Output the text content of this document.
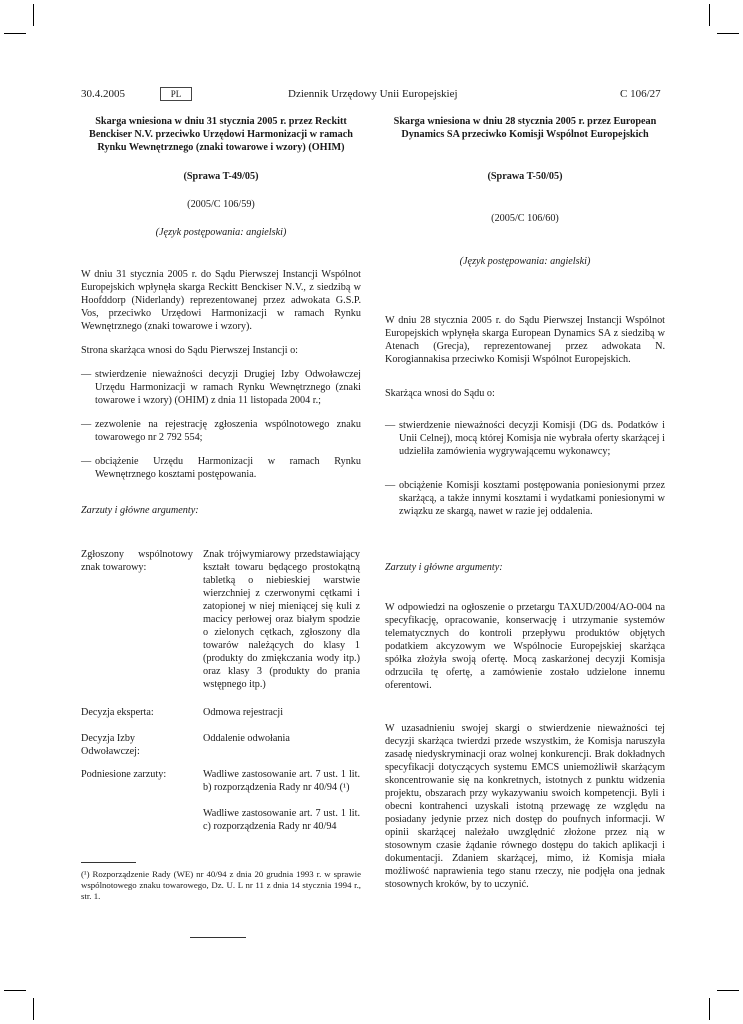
30.4.2005	PL	Dziennik Urzędowy Unii Europejskiej	C 106/27

Skarga wniesiona w dniu 31 stycznia 2005 r. przez Reckitt Benckiser N.V. przeciwko Urzędowi Harmonizacji w ramach Rynku Wewnętrznego (znaki towarowe i wzory) (OHIM)

(Sprawa T-49/05)

(2005/C 106/59)

(Język postępowania: angielski)

W dniu 31 stycznia 2005 r. do Sądu Pierwszej Instancji Wspólnot Europejskich wpłynęła skarga Reckitt Benckiser N.V., z siedzibą w Hoofddorp (Niderlandy) reprezentowanej przez adwokata G.S.P. Vos, przeciwko Urzędowi Harmonizacji w ramach Rynku Wewnętrznego (znaki towarowe i wzory).

Strona skarżąca wnosi do Sądu Pierwszej Instancji o:

— stwierdzenie nieważności decyzji Drugiej Izby Odwoławczej Urzędu Harmonizacji w ramach Rynku Wewnętrznego (znaki towarowe i wzory) (OHIM) z dnia 11 listopada 2004 r.;
— zezwolenie na rejestrację zgłoszenia wspólnotowego znaku towarowego nr 2 792 554;
— obciążenie Urzędu Harmonizacji w ramach Rynku Wewnętrznego kosztami postępowania.

Zarzuty i główne argumenty:

Zgłoszony wspólnotowy znak towarowy:
Znak trójwymiarowy przedstawiający kształt towaru będącego prostokątną tabletką o niebieskiej warstwie wierzchniej z czerwonymi cętkami i zatopionej w niej mieniącej się kuli z macicy perłowej oraz białym spodzie o zielonych cętkach, zgłoszony dla towarów należących do klasy 1 (produkty do zmiękczania wody itp.) oraz klasy 3 (produkty do prania wstępnego itp.)
Decyzja eksperta:	Odmowa rejestracji
Decyzja Izby Odwoławczej:
Oddalenie odwołania
Podniesione zarzuty:	Wadliwe zastosowanie art. 7 ust. 1 lit. b) rozporządzenia Rady nr 40/94 (¹)
Wadliwe zastosowanie art. 7 ust. 1 lit. c) rozporządzenia Rady nr 40/94
(¹) Rozporządzenie Rady (WE) nr 40/94 z dnia 20 grudnia 1993 r. w sprawie wspólnotowego znaku towarowego, Dz. U. L nr 11 z dnia 14 stycznia 1994 r., str. 1.

Skarga wniesiona w dniu 28 stycznia 2005 r. przez European Dynamics SA przeciwko Komisji Wspólnot Europejskich

(Sprawa T-50/05)

(2005/C 106/60)

(Język postępowania: angielski)

W dniu 28 stycznia 2005 r. do Sądu Pierwszej Instancji Wspólnot Europejskich wpłynęła skarga European Dynamics SA z siedzibą w Atenach (Grecja), reprezentowanej przez adwokata N. Korogiannakisa przeciwko Komisji Wspólnot Europejskich.

Skarżąca wnosi do Sądu o:

— stwierdzenie nieważności decyzji Komisji (DG ds. Podatków i Unii Celnej), mocą której Komisja nie wybrała oferty skarżącej i udzieliła zamówienia wygrywającemu wykonawcy;
— obciążenie Komisji kosztami postępowania poniesionymi przez skarżącą, a także innymi kosztami i wydatkami poniesionymi w związku ze skargą, nawet w razie jej oddalenia.

Zarzuty i główne argumenty:

W odpowiedzi na ogłoszenie o przetargu TAXUD/2004/AO-004 na specyfikację, opracowanie, konserwację i utrzymanie systemów telematycznych do kontroli przepływu produktów objętych podatkiem akcyzowym we Wspólnocie Europejskiej skarżąca spółka złożyła swoją ofertę. Mocą zaskarżonej decyzji Komisja odrzuciła tę ofertę, a zamówienie zostało udzielone innemu oferentowi.

W uzasadnieniu swojej skargi o stwierdzenie nieważności tej decyzji skarżąca twierdzi przede wszystkim, że Komisja naruszyła zasadę niedyskryminacji oraz wolnej konkurencji. Brak dokładnych specyfikacji dotyczących systemu EMCS uniemożliwił skarżącym skoncentrowanie się na konkretnych, istotnych z punktu widzenia projektu, obszarach przy wykazywaniu swoich kompetencji. Byli i obecni kontrahenci uzyskali istotną przewagę ze względu na posiadany jedynie przez nich dostęp do poufnych informacji. W opinii skarżącej należało uwzględnić złożone przez nią w stosownym czasie żądanie równego dostępu do takich aplikacji i dokumentacji. Zdaniem skarżącej, mimo, iż Komisja miała możliwość naprawienia tego stanu rzeczy, nie podjęła ona jednak stosownych kroków, by to uczynić.
